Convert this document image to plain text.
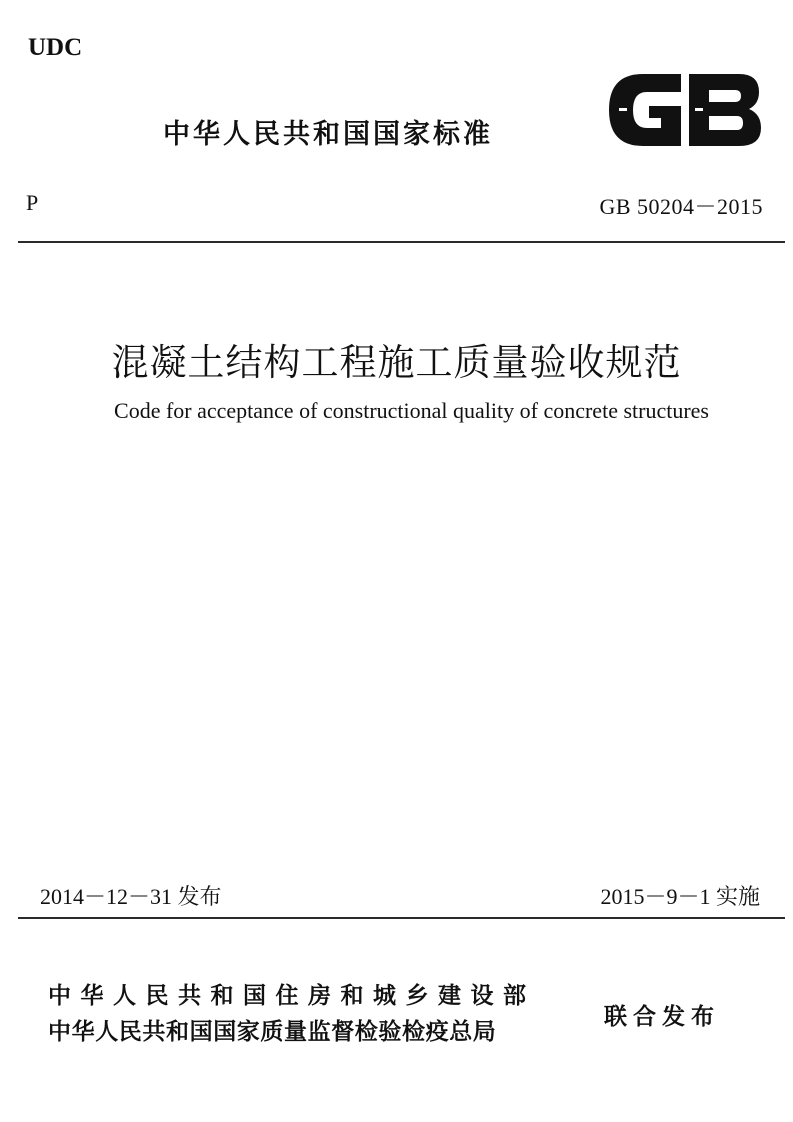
UDC
中华人民共和国国家标准
P	GB 50204－2015
混凝土结构工程施工质量验收规范
Code for acceptance of constructional quality of concrete structures
2014－12－31 发布	2015－9－1 实施
中华人民共和国住房和城乡建设部
中华人民共和国国家质量监督检验检疫总局
联合发布
